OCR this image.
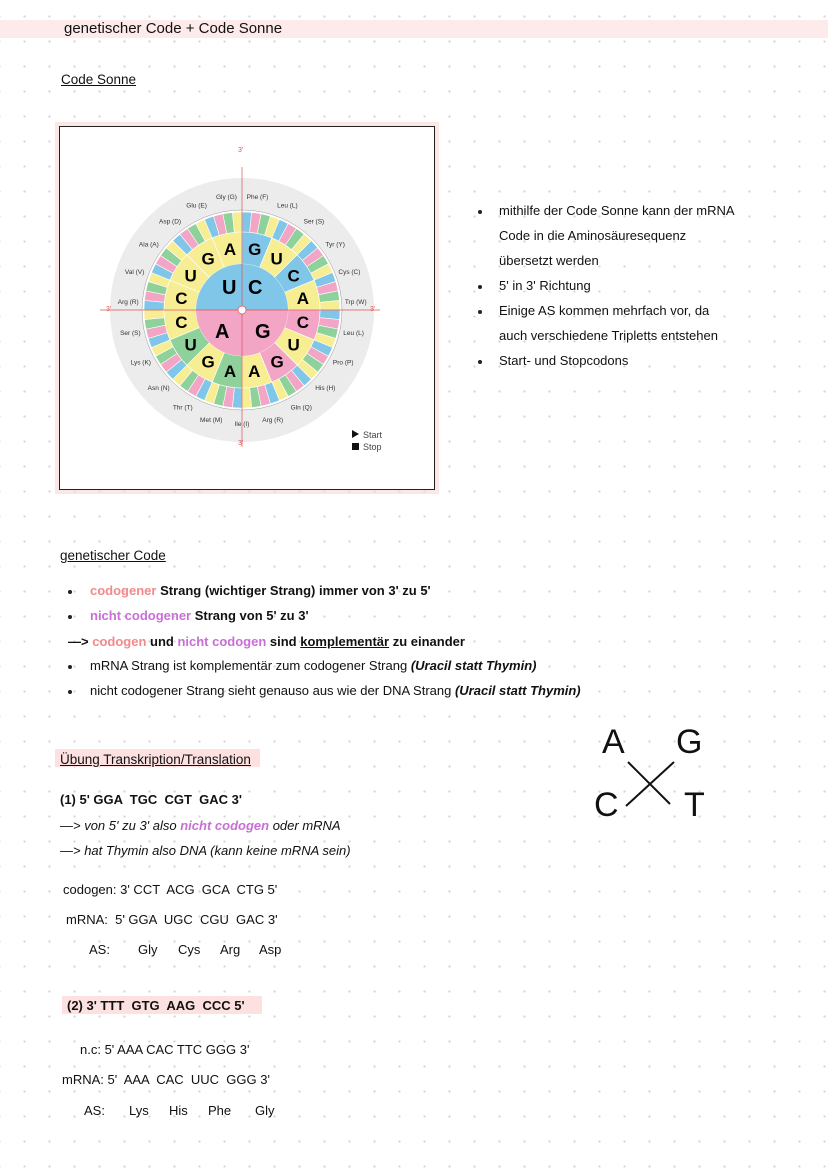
genetischer Code + Code Sonne
Code Sonne
U C
A G
G U
C
A
C
U
G
A
A
G
U
C
C
U
G A
Phe (F)
Leu (L)
Ser (S)
Tyr (Y)
Cys (C)
Trp (W)
Leu (L)
Pro (P)
His (H)
Gln (Q)
Arg (R)
Ile (I)
Met (M)
Thr (T)
Asn (N)
Lys (K)
Ser (S)
Arg (R)
Val (V)
Ala (A)
Asp (D)
Glu (E)
Gly (G)
3'
3'
3'	3'
Start
Stop
mithilfe der Code Sonne kann der mRNA
Code in die Aminosäuresequenz
übersetzt werden
5' in 3' Richtung
Einige AS kommen mehrfach vor, da
auch verschiedene Tripletts entstehen
Start- und Stopcodons
genetischer Code
codogener Strang (wichtiger Strang) immer von 3' zu 5'
nicht codogener Strang von 5' zu 3'
—> codogen und nicht codogen sind komplementär zu einander
mRNA Strang ist komplementär zum codogener Strang (Uracil statt Thymin)
nicht codogener Strang sieht genauso aus wie der DNA Strang (Uracil statt Thymin)
Übung Transkription/Translation	A G
C T
(1) 5' GGA  TGC  CGT  GAC 3'
—> von 5' zu 3' also nicht codogen oder mRNA
—> hat Thymin also DNA (kann keine mRNA sein)
codogen: 3' CCT  ACG  GCA  CTG 5'
mRNA:  5' GGA  UGC  CGU  GAC 3'
AS: Gly Cys Arg Asp
(2) 3' TTT  GTG  AAG  CCC 5'
n.c: 5' AAA CAC TTC GGG 3'
mRNA: 5'  AAA  CAC  UUC  GGG 3'
AS: Lys His Phe Gly
